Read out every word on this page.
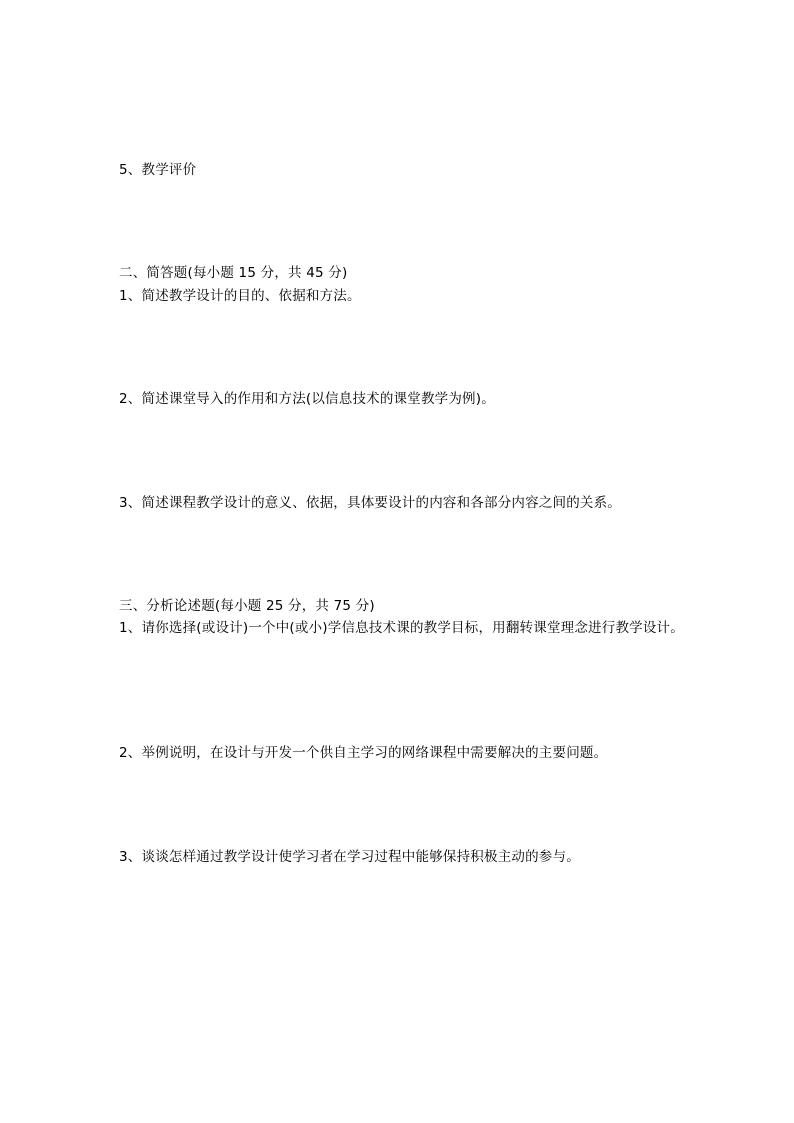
5、教学评价
二、简答题(每小题 15 分，共 45 分)
1、简述教学设计的目的、依据和方法。
2、简述课堂导入的作用和方法(以信息技术的课堂教学为例)。
3、简述课程教学设计的意义、依据，具体要设计的内容和各部分内容之间的关系。
三、分析论述题(每小题 25 分，共 75 分)
1、请你选择(或设计)一个中(或小)学信息技术课的教学目标，用翻转课堂理念进行教学设计。
2、举例说明，在设计与开发一个供自主学习的网络课程中需要解决的主要问题。
3、谈谈怎样通过教学设计使学习者在学习过程中能够保持积极主动的参与。
